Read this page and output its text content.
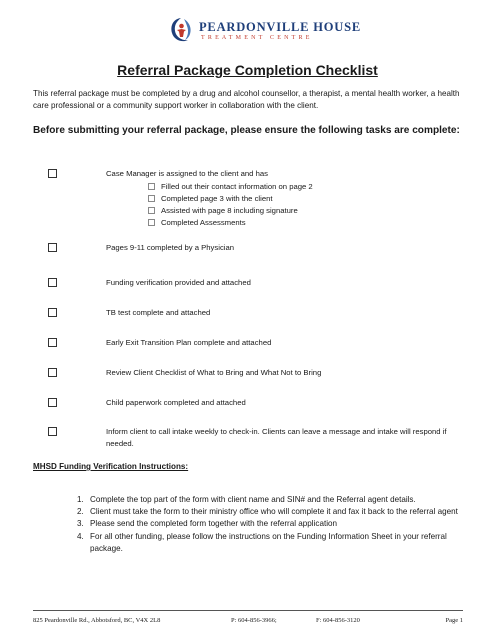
PEARDONVILLE HOUSE
TREATMENT CENTRE
Referral Package Completion Checklist
This referral package must be completed by a drug and alcohol counsellor, a therapist, a mental health worker, a health care professional or a community support worker in collaboration with the client.
Before submitting your referral package, please ensure the following tasks are complete:
Case Manager is assigned to the client and has
Filled out their contact information on page 2
Completed page 3 with the client
Assisted with page 8 including signature
Completed Assessments
Pages 9-11 completed by a Physician
Funding verification provided and attached
TB test complete and attached
Early Exit Transition Plan complete and attached
Review Client Checklist of What to Bring and What Not to Bring
Child paperwork completed and attached
Inform client to call intake weekly to check-in. Clients can leave a message and intake will respond if needed.
MHSD Funding Verification Instructions:
1. Complete the top part of the form with client name and SIN# and the Referral agent details.
2. Client must take the form to their ministry office who will complete it and fax it back to the referral agent
3. Please send the completed form together with the referral application
4. For all other funding, please follow the instructions on the Funding Information Sheet in your referral package.
825 Peardonville Rd., Abbotsford, BC, V4X 2L8	P: 604-856-3966;	F: 604-856-3120	Page 1
